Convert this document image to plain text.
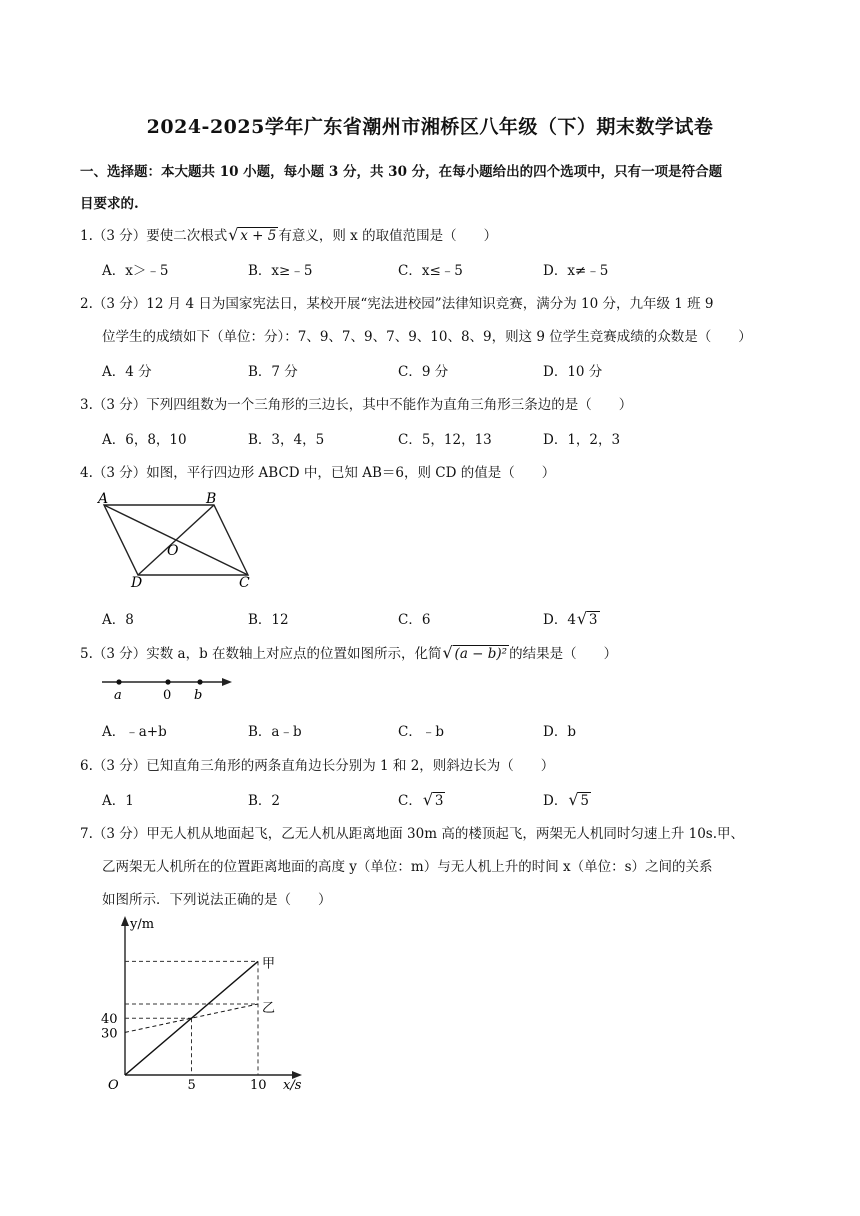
2024-2025学年广东省潮州市湘桥区八年级（下）期末数学试卷
一、选择题：本大题共 10 小题，每小题 3 分，共 30 分，在每小题给出的四个选项中，只有一项是符合题
目要求的.
1.（3 分）要使二次根式 √ x + 5 有意义，则 x 的取值范围是（　　）
A．x＞﹣5	B．x≥﹣5	C．x≤﹣5	D．x≠﹣5
2.（3 分）12 月 4 日为国家宪法日，某校开展“宪法进校园”法律知识竞赛，满分为 10 分，九年级 1 班 9
位学生的成绩如下（单位：分）：7、9、7、9、7、9、10、8、9，则这 9 位学生竞赛成绩的众数是（　　）
A．4 分	B．7 分	C．9 分	D．10 分
3.（3 分）下列四组数为一个三角形的三边长，其中不能作为直角三角形三条边的是（　　）
A．6，8，10	B．3，4，5	C．5，12，13	D．1，2，3
4.（3 分）如图，平行四边形 ABCD 中，已知 AB＝6，则 CD 的值是（　　）
A	B
C
D
O
A．8	B．12	C．6	D．4 √ 3
5.（3 分）实数 a，b 在数轴上对应点的位置如图所示，化简 √ (a − b)² 的结果是（　　）
a	0 b
A．﹣a+b	B．a﹣b	C．﹣b	D．b
6.（3 分）已知直角三角形的两条直角边长分别为 1 和 2，则斜边长为（　　）
A．1	B．2	C． √ 3	D． √ 5
7.（3 分）甲无人机从地面起飞，乙无人机从距离地面 30m 高的楼顶起飞，两架无人机同时匀速上升 10s.甲、
乙两架无人机所在的位置距离地面的高度 y（单位：m）与无人机上升的时间 x（单位：s）之间的关系
如图所示．下列说法正确的是（　　）
y/m
x/s
O
40
30
5	10
甲
乙
